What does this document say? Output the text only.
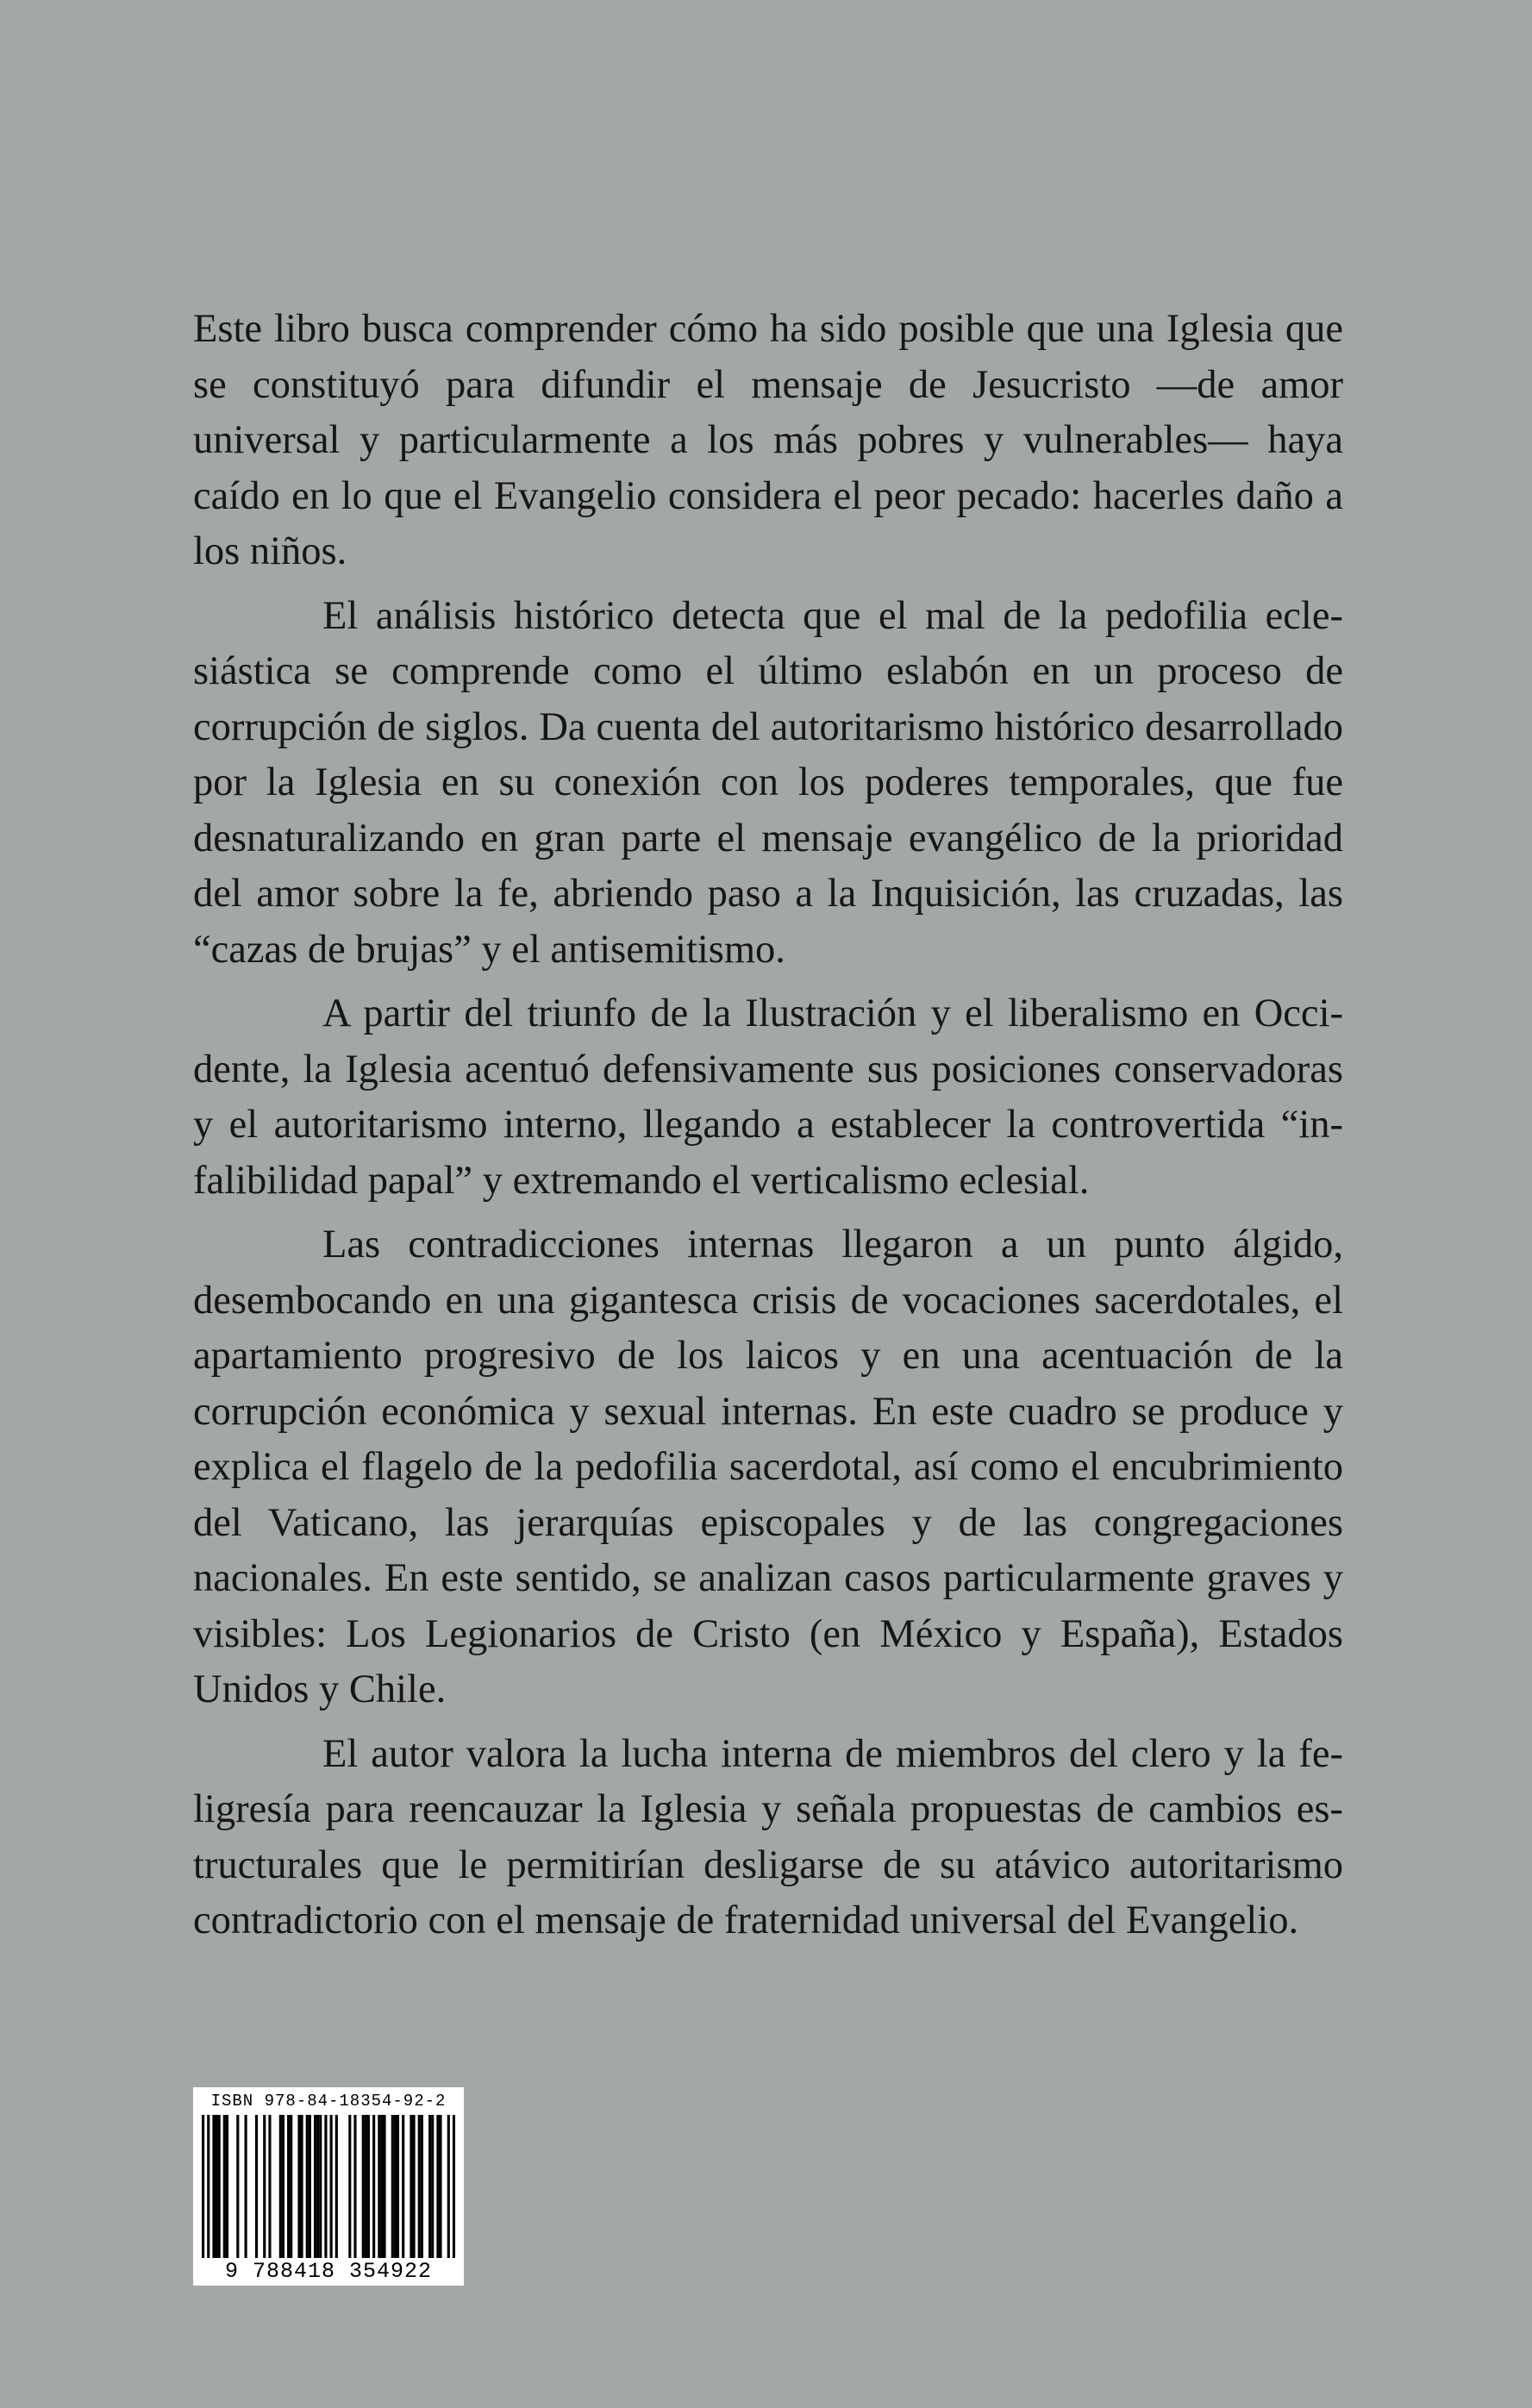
Este libro busca comprender cómo ha sido posible que una Iglesia que se constituyó para difundir el mensaje de Jesucristo —de amor universal y particularmente a los más pobres y vulnerables— haya caído en lo que el Evangelio considera el peor pecado: hacerles daño a los niños.

El análisis histórico detecta que el mal de la pedofilia eclesiástica se comprende como el último eslabón en un proceso de corrupción de siglos. Da cuenta del autoritarismo histórico desarrollado por la Iglesia en su conexión con los poderes temporales, que fue desnaturalizando en gran parte el mensaje evangélico de la prioridad del amor sobre la fe, abriendo paso a la Inquisición, las cruzadas, las “cazas de brujas” y el antisemitismo.

A partir del triunfo de la Ilustración y el liberalismo en Occidente, la Iglesia acentuó defensivamente sus posiciones conservadoras y el autoritarismo interno, llegando a establecer la controvertida “infalibilidad papal” y extremando el verticalismo eclesial.

Las contradicciones internas llegaron a un punto álgido, desembocando en una gigantesca crisis de vocaciones sacerdotales, el apartamiento progresivo de los laicos y en una acentuación de la corrupción económica y sexual internas. En este cuadro se produce y explica el flagelo de la pedofilia sacerdotal, así como el encubrimiento del Vaticano, las jerarquías episcopales y de las congregaciones nacionales. En este sentido, se analizan casos particularmente graves y visibles: Los Legionarios de Cristo (en México y España), Estados Unidos y Chile.

El autor valora la lucha interna de miembros del clero y la feligresía para reencauzar la Iglesia y señala propuestas de cambios estructurales que le permitirían desligarse de su atávico autoritarismo contradictorio con el mensaje de fraternidad universal del Evangelio.

ISBN 978-84-18354-92-2
9 788418 354922
